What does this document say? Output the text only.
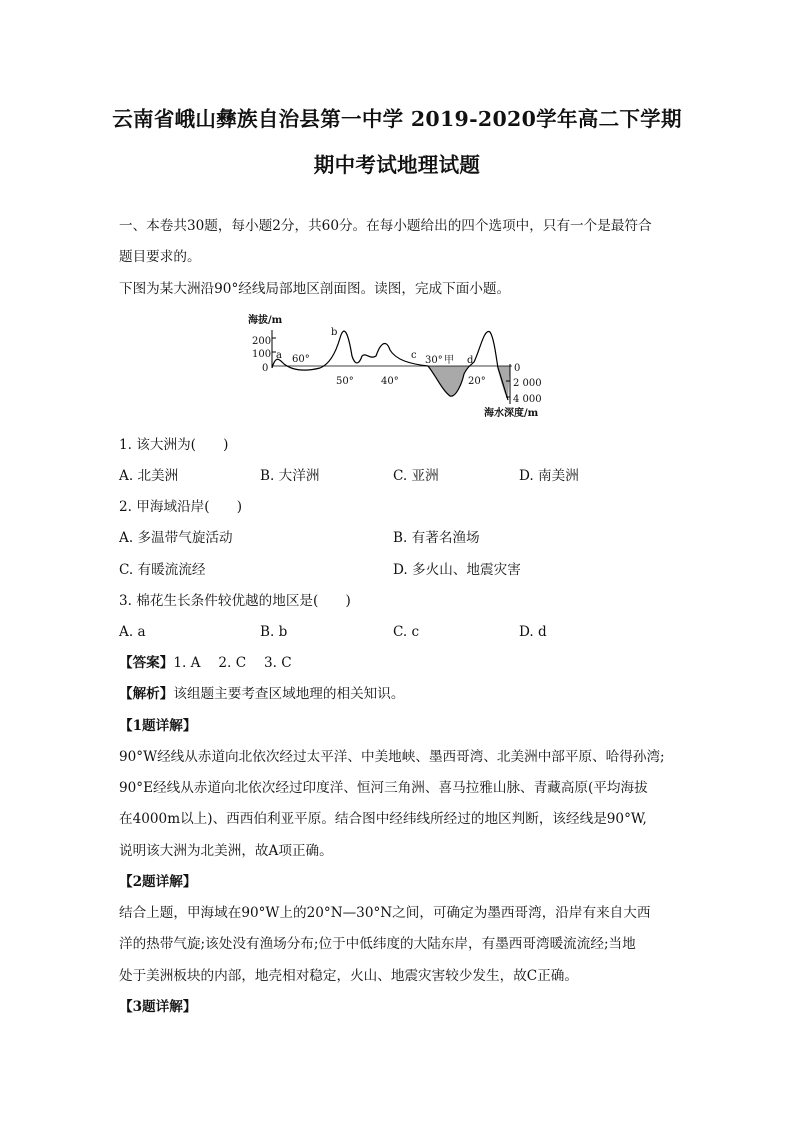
云南省峨山彝族自治县第一中学 2019-2020学年高二下学期
期中考试地理试题
一、本卷共30题，每小题2分，共60分。在每小题给出的四个选项中，只有一个是最符合
题目要求的。
下图为某大洲沿90°经线局部地区剖面图。读图，完成下面小题。
海拔/m
200
100
0
a
b
c	甲 d
60°
50°	40°
30°
20°
0
2 000
4 000
海水深度/m
1. 该大洲为(　　)
A. 北美洲	B. 大洋洲	C. 亚洲	D. 南美洲
2. 甲海域沿岸(　　)
A. 多温带气旋活动	B. 有著名渔场
C. 有暖流流经	D. 多火山、地震灾害
3. 棉花生长条件较优越的地区是(　　)
A. a	B. b	C. c	D. d
【答案】1. A　 2. C　 3. C
【解析】该组题主要考查区域地理的相关知识。
【1题详解】
90°W经线从赤道向北依次经过太平洋、中美地峡、墨西哥湾、北美洲中部平原、哈得孙湾;
90°E经线从赤道向北依次经过印度洋、恒河三角洲、喜马拉雅山脉、青藏高原(平均海拔
在4000m以上)、西西伯利亚平原。结合图中经纬线所经过的地区判断，该经线是90°W,
说明该大洲为北美洲，故A项正确。
【2题详解】
结合上题，甲海域在90°W上的20°N—30°N之间，可确定为墨西哥湾，沿岸有来自大西
洋的热带气旋;该处没有渔场分布;位于中低纬度的大陆东岸，有墨西哥湾暖流流经;当地
处于美洲板块的内部，地壳相对稳定，火山、地震灾害较少发生，故C正确。
【3题详解】
